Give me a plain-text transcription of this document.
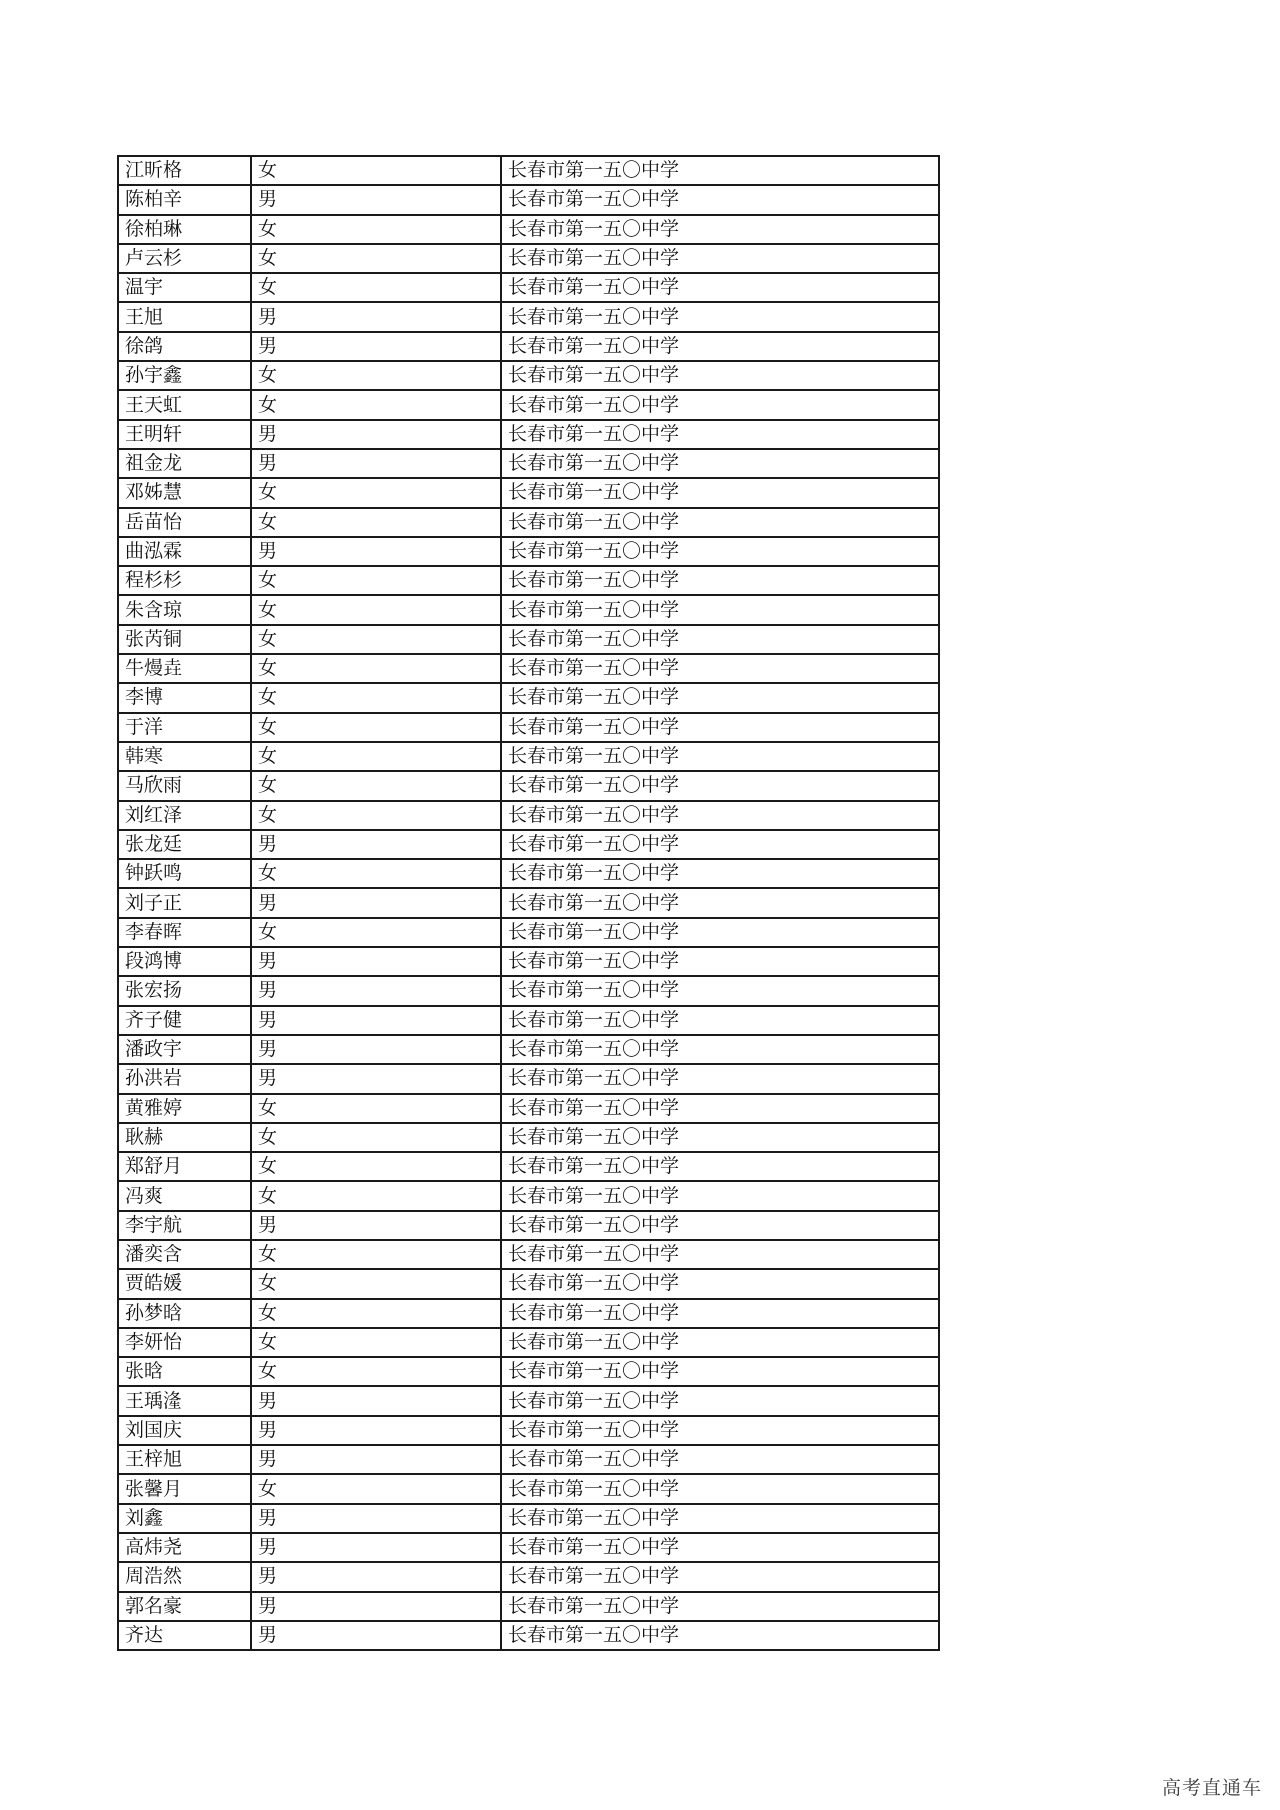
江昕格	女	长春市第一五〇中学
陈柏辛	男	长春市第一五〇中学
徐柏琳	女	长春市第一五〇中学
卢云杉	女	长春市第一五〇中学
温宇	女	长春市第一五〇中学
王旭	男	长春市第一五〇中学
徐鸽	男	长春市第一五〇中学
孙宇鑫	女	长春市第一五〇中学
王天虹	女	长春市第一五〇中学
王明轩	男	长春市第一五〇中学
祖金龙	男	长春市第一五〇中学
邓姊慧	女	长春市第一五〇中学
岳苗怡	女	长春市第一五〇中学
曲泓霖	男	长春市第一五〇中学
程杉杉	女	长春市第一五〇中学
朱含琼	女	长春市第一五〇中学
张芮铜	女	长春市第一五〇中学
牛熳垚	女	长春市第一五〇中学
李博	女	长春市第一五〇中学
于洋	女	长春市第一五〇中学
韩寒	女	长春市第一五〇中学
马欣雨	女	长春市第一五〇中学
刘红泽	女	长春市第一五〇中学
张龙廷	男	长春市第一五〇中学
钟跃鸣	女	长春市第一五〇中学
刘子正	男	长春市第一五〇中学
李春晖	女	长春市第一五〇中学
段鸿博	男	长春市第一五〇中学
张宏扬	男	长春市第一五〇中学
齐子健	男	长春市第一五〇中学
潘政宇	男	长春市第一五〇中学
孙洪岩	男	长春市第一五〇中学
黄雅婷	女	长春市第一五〇中学
耿赫	女	长春市第一五〇中学
郑舒月	女	长春市第一五〇中学
冯爽	女	长春市第一五〇中学
李宇航	男	长春市第一五〇中学
潘奕含	女	长春市第一五〇中学
贾皓媛	女	长春市第一五〇中学
孙梦晗	女	长春市第一五〇中学
李妍怡	女	长春市第一五〇中学
张晗	女	长春市第一五〇中学
王瑀湰	男	长春市第一五〇中学
刘国庆	男	长春市第一五〇中学
王梓旭	男	长春市第一五〇中学
张馨月	女	长春市第一五〇中学
刘鑫	男	长春市第一五〇中学
高炜尧	男	长春市第一五〇中学
周浩然	男	长春市第一五〇中学
郭名豪	男	长春市第一五〇中学
齐达	男	长春市第一五〇中学
高考直通车
